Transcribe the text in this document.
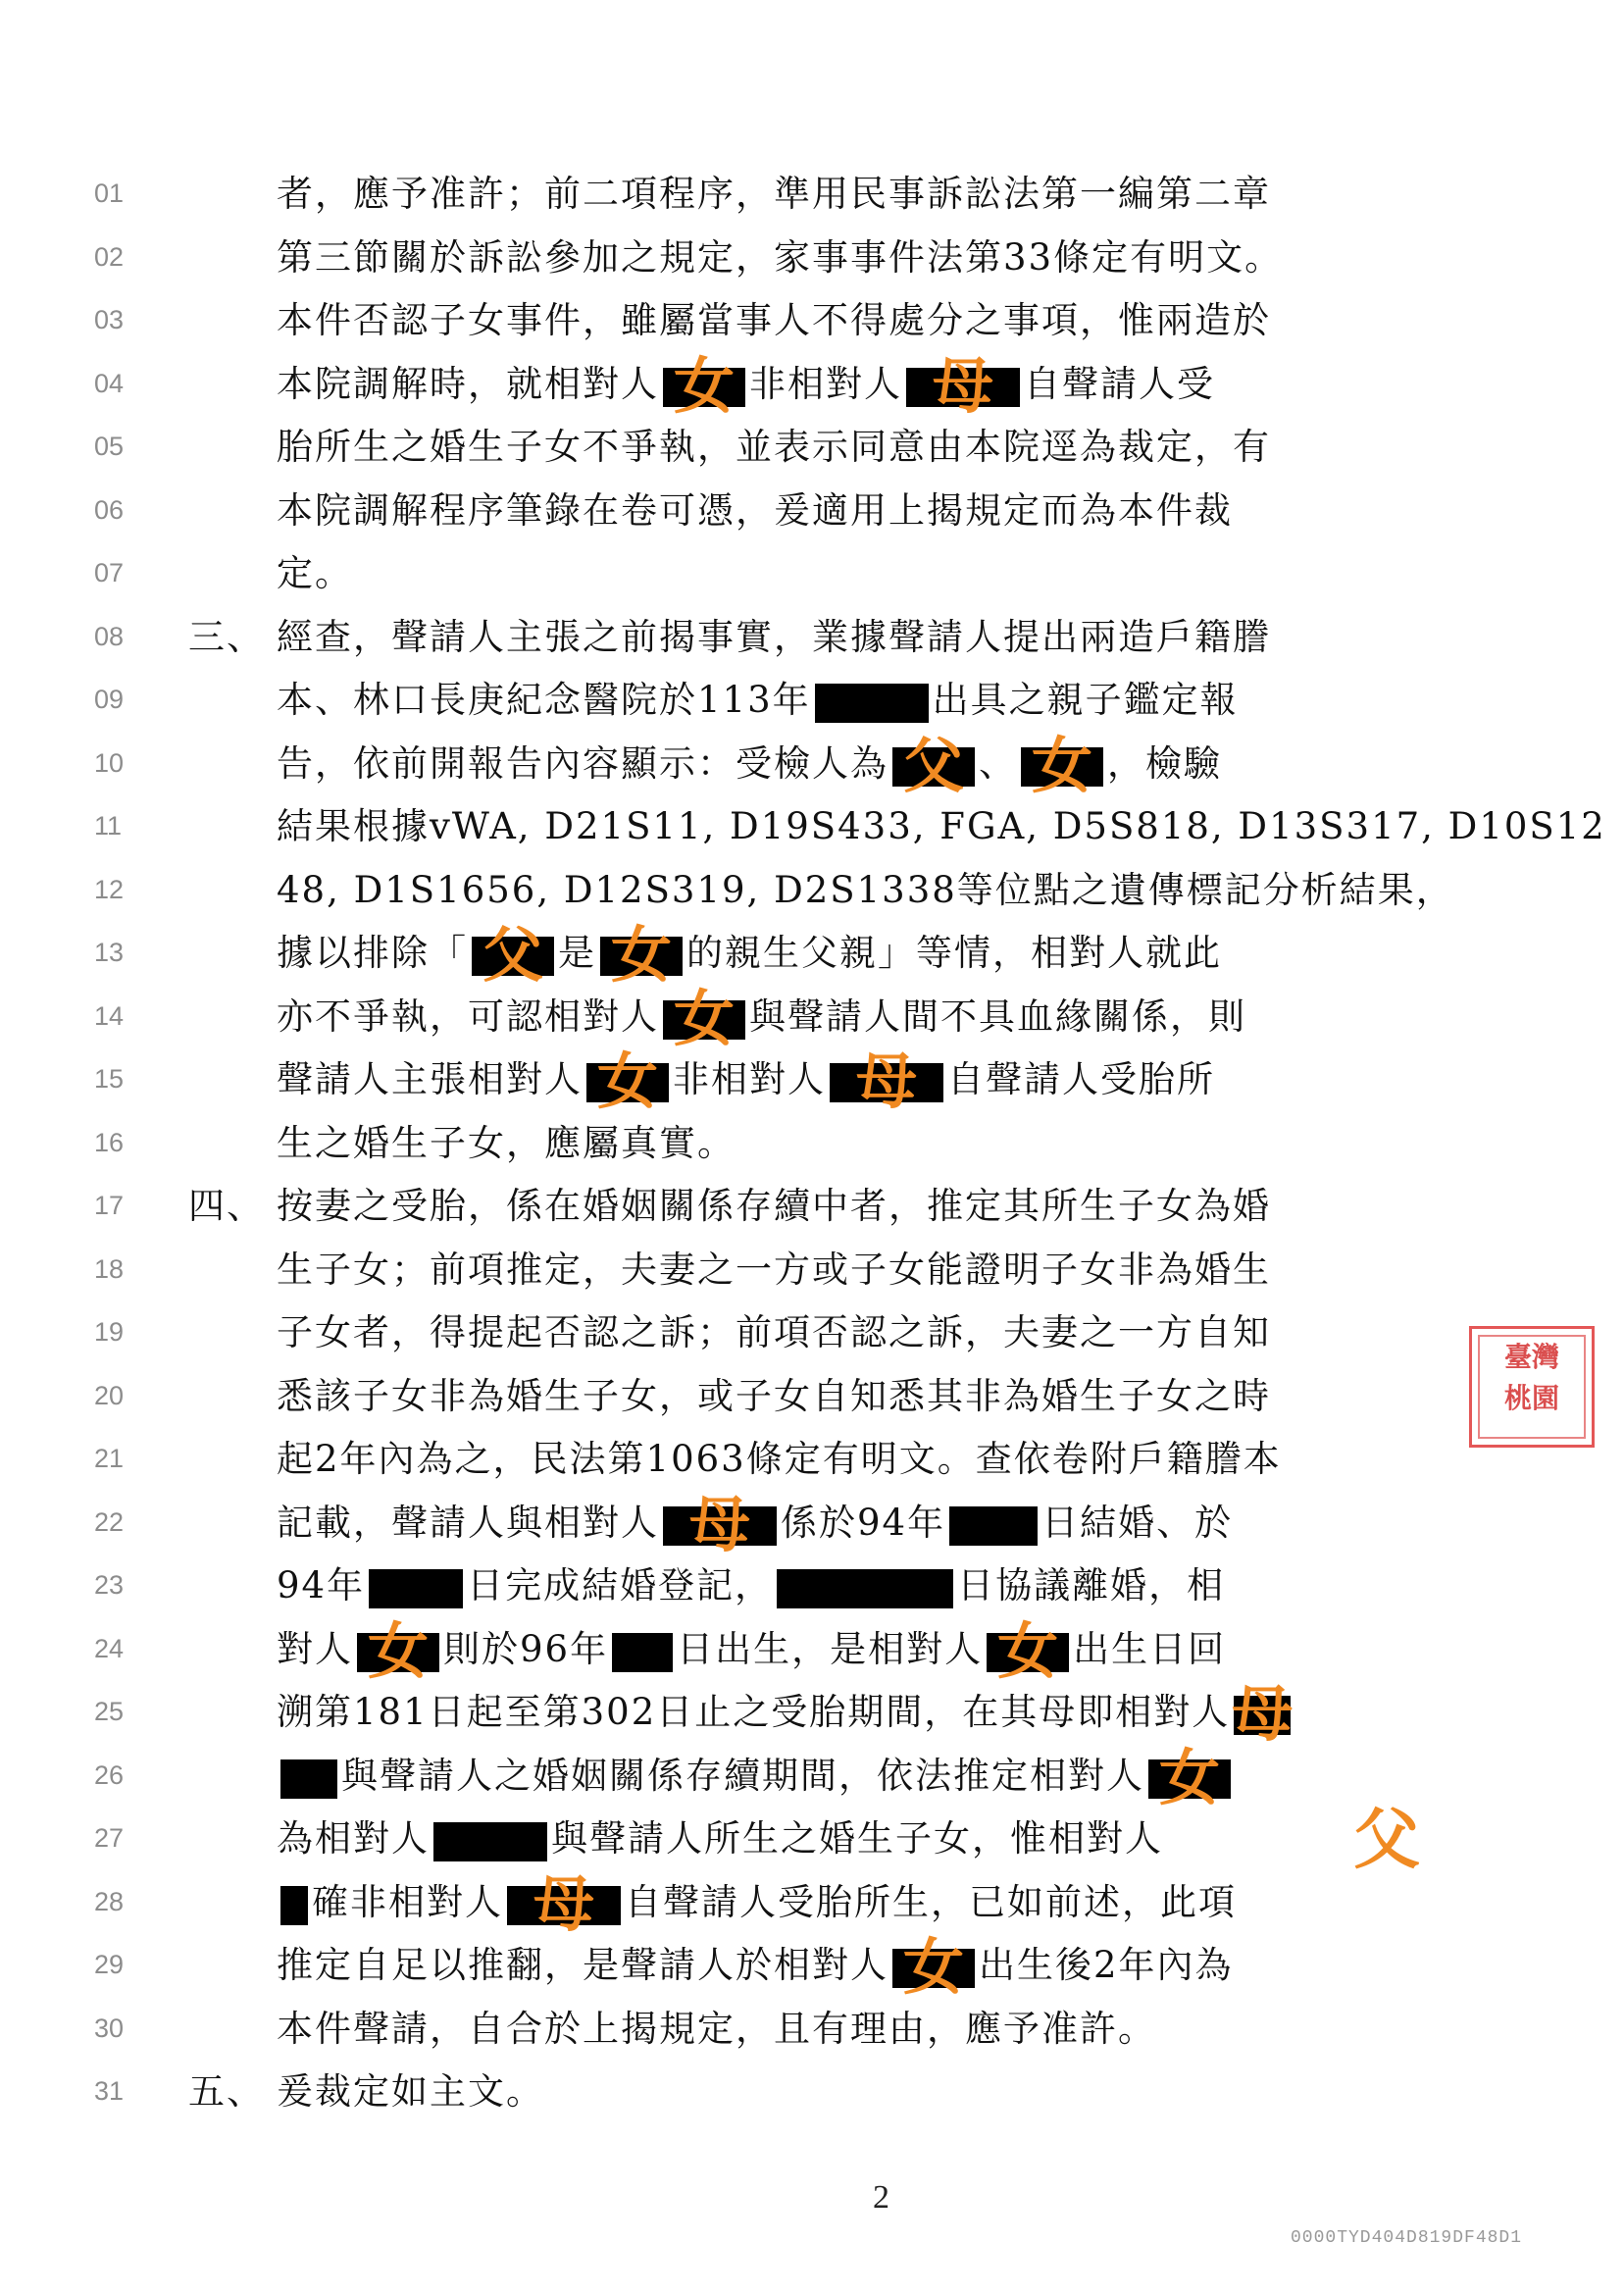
01	者，應予准許；前二項程序，準用民事訴訟法第一編第二章
02	第三節關於訴訟參加之規定，家事事件法第33條定有明文。
03	本件否認子女事件，雖屬當事人不得處分之事項，惟兩造於
04	本院調解時，就相對人 女 非相對人 母 自聲請人受
05	胎所生之婚生子女不爭執，並表示同意由本院逕為裁定，有
06	本院調解程序筆錄在卷可憑，爰適用上揭規定而為本件裁
07	定。
08	三、 經查，聲請人主張之前揭事實，業據聲請人提出兩造戶籍謄
09	本、林口長庚紀念醫院於113年	出具之親子鑑定報
10	告，依前開報告內容顯示：受檢人為 父 、 女 ，檢驗
11	結果根據vWA, D21S11, D19S433, FGA, D5S818, D13S317, D10S12
12	48, D1S1656, D12S319, D2S1338等位點之遺傳標記分析結果，
13	據以排除「 父 是 女 的親生父親」等情，相對人就此
14	亦不爭執，可認相對人 女 與聲請人間不具血緣關係，則
15	聲請人主張相對人 女 非相對人 母 自聲請人受胎所
16	生之婚生子女，應屬真實。
17	四、 按妻之受胎，係在婚姻關係存續中者，推定其所生子女為婚
18	生子女；前項推定，夫妻之一方或子女能證明子女非為婚生
19	子女者，得提起否認之訴；前項否認之訴，夫妻之一方自知
20	悉該子女非為婚生子女，或子女自知悉其非為婚生子女之時
21	起2年內為之，民法第1063條定有明文。查依卷附戶籍謄本
22	記載，聲請人與相對人 母 係於94年	日結婚、於
23	94年	日完成結婚登記，	日協議離婚，相
24	對人 女 則於96年 日出生，是相對人 女 出生日回
25	溯第181日起至第302日止之受胎期間，在其母即相對人 母
26	與聲請人之婚姻關係存續期間，依法推定相對人 女
27	為相對人	與聲請人所生之婚生子女，惟相對人
28	確非相對人 母 自聲請人受胎所生，已如前述，此項
29	推定自足以推翻，是聲請人於相對人 女 出生後2年內為
30	本件聲請，自合於上揭規定，且有理由，應予准許。
31	五、 爰裁定如主文。
父
臺灣
桃園
2
0000TYD404D819DF48D1
